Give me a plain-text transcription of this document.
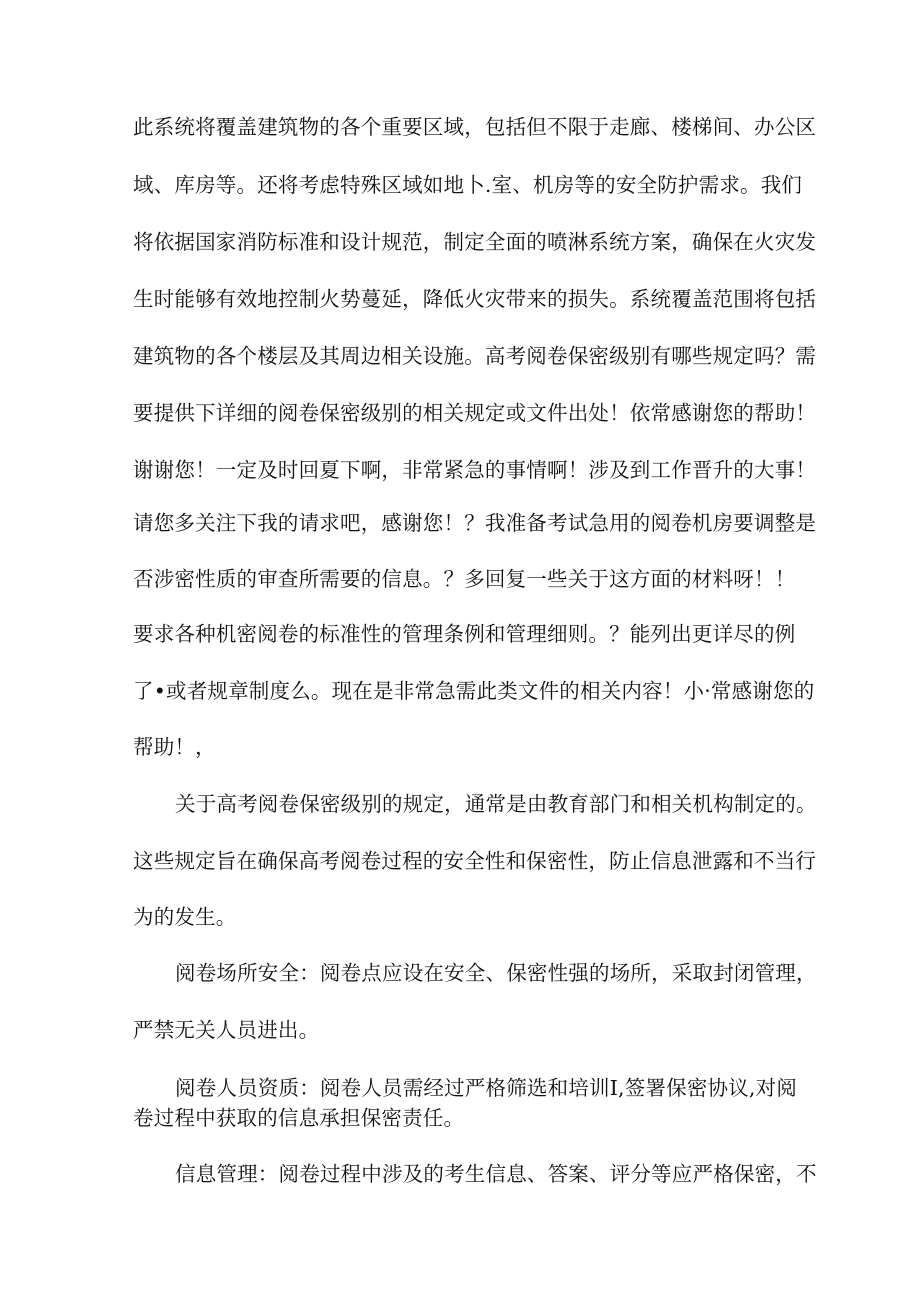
此系统将覆盖建筑物的各个重要区域，包括但不限于走廊、楼梯间、办公区
域、库房等。还将考虑特殊区域如地卜.室、机房等的安全防护需求。我们
将依据国家消防标准和设计规范，制定全面的喷淋系统方案，确保在火灾发
生时能够有效地控制火势蔓延，降低火灾带来的损失。系统覆盖范围将包括
建筑物的各个楼层及其周边相关设施。高考阅卷保密级别有哪些规定吗？需
要提供下详细的阅卷保密级别的相关规定或文件出处！依常感谢您的帮助！
谢谢您！一定及时回夏下啊，非常紧急的事情啊！涉及到工作晋升的大事！
请您多关注下我的请求吧，感谢您！？我准备考试急用的阅卷机房要调整是
否涉密性质的审查所需要的信息。？多回复一些关于这方面的材料呀！！
要求各种机密阅卷的标准性的管理条例和管理细则。？能列出更详尽的例
了•或者规章制度么。现在是非常急需此类文件的相关内容！小·常感谢您的
帮助！，
关于高考阅卷保密级别的规定，通常是由教育部门和相关机构制定的。
这些规定旨在确保高考阅卷过程的安全性和保密性，防止信息泄露和不当行
为的发生。
阅卷场所安全：阅卷点应设在安全、保密性强的场所，采取封闭管理，
严禁无关人员进出。
阅卷人员资质：阅卷人员需经过严格筛选和培训I,签署保密协议,对阅
卷过程中获取的信息承担保密责任。
信息管理：阅卷过程中涉及的考生信息、答案、评分等应严格保密，不
